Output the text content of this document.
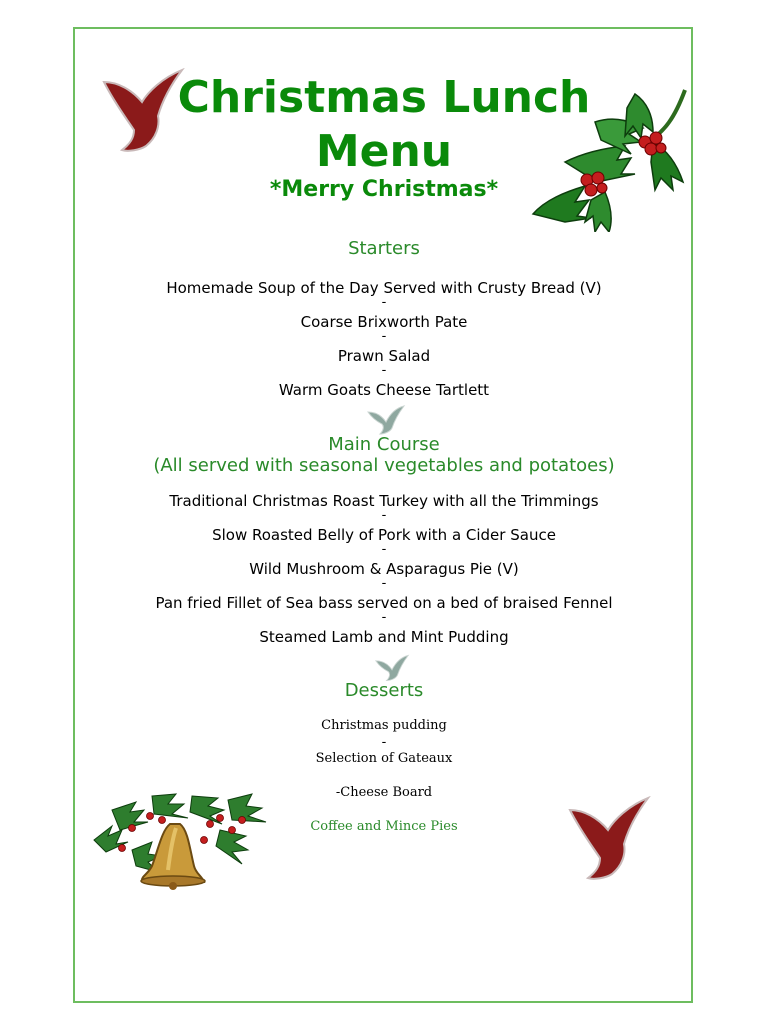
Christmas Lunch
Menu
*Merry Christmas*
Starters
Homemade Soup of the Day Served with Crusty Bread (V)
-
Coarse Brixworth Pate
-
Prawn Salad
-
Warm Goats Cheese Tartlett
Main Course
(All served with seasonal vegetables and potatoes)
Traditional Christmas Roast Turkey with all the Trimmings
-
Slow Roasted Belly of Pork with a Cider Sauce
-
Wild Mushroom & Asparagus Pie (V)
-
Pan fried Fillet of Sea bass served on a bed of braised Fennel
-
Steamed Lamb and Mint Pudding
Desserts
Christmas pudding
-
Selection of Gateaux
-Cheese Board
Coffee and Mince Pies
